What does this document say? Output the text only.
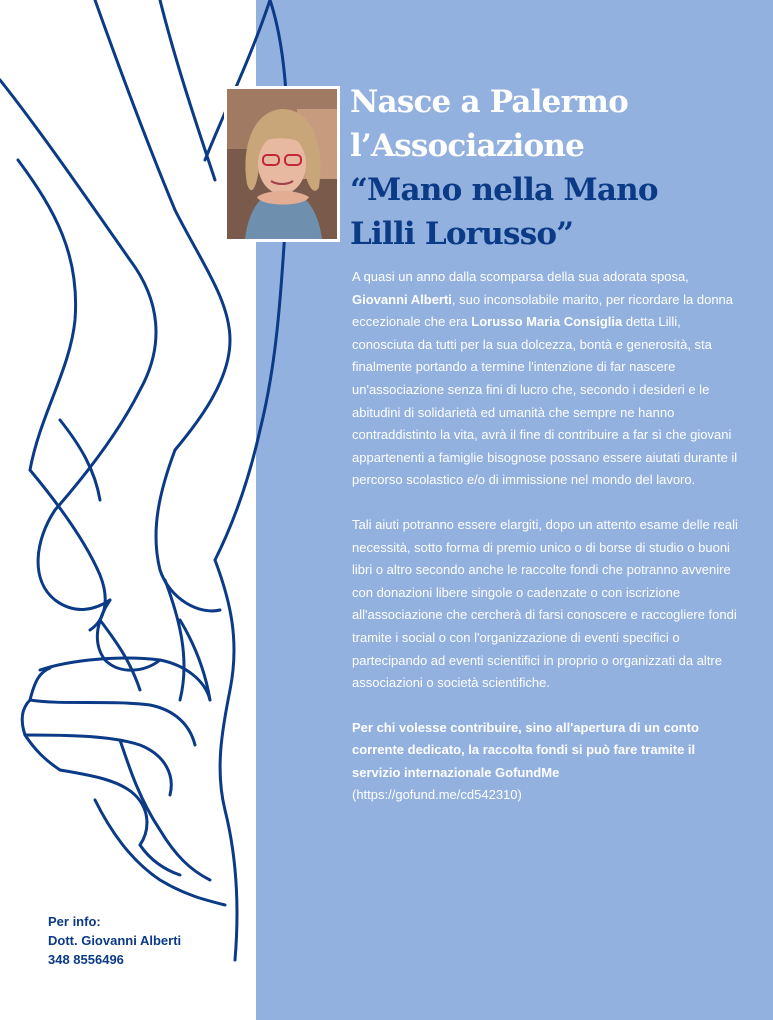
Nasce a Palermo
l’Associazione
“Mano nella Mano
Lilli Lorusso”

A quasi un anno dalla scomparsa della sua adorata sposa, Giovanni Alberti, suo inconsolabile marito, per ricordare la donna eccezionale che era Lorusso Maria Consiglia detta Lilli, conosciuta da tutti per la sua dolcezza, bontà e generosità, sta finalmente portando a termine l'intenzione di far nascere un'associazione senza fini di lucro che, secondo i desideri e le abitudini di solidarietà ed umanità che sempre ne hanno contraddistinto la vita, avrà il fine di contribuire a far sì che giovani appartenenti a famiglie bisognose possano essere aiutati durante il percorso scolastico e/o di immissione nel mondo del lavoro.

Tali aiuti potranno essere elargiti, dopo un attento esame delle reali necessità, sotto forma di premio unico o di borse di studio o buoni libri o altro secondo anche le raccolte fondi che potranno avvenire con donazioni libere singole o cadenzate o con iscrizione all'associazione che cercherà di farsi conoscere e raccogliere fondi tramite i social o con l'organizzazione di eventi specifici o partecipando ad eventi scientifici in proprio o organizzati da altre associazioni o società scientifiche.

Per chi volesse contribuire, sino all'apertura di un conto corrente dedicato, la raccolta fondi si può fare tramite il servizio internazionale GofundMe
(https://gofund.me/cd542310)

Per info:
Dott. Giovanni Alberti
348 8556496
